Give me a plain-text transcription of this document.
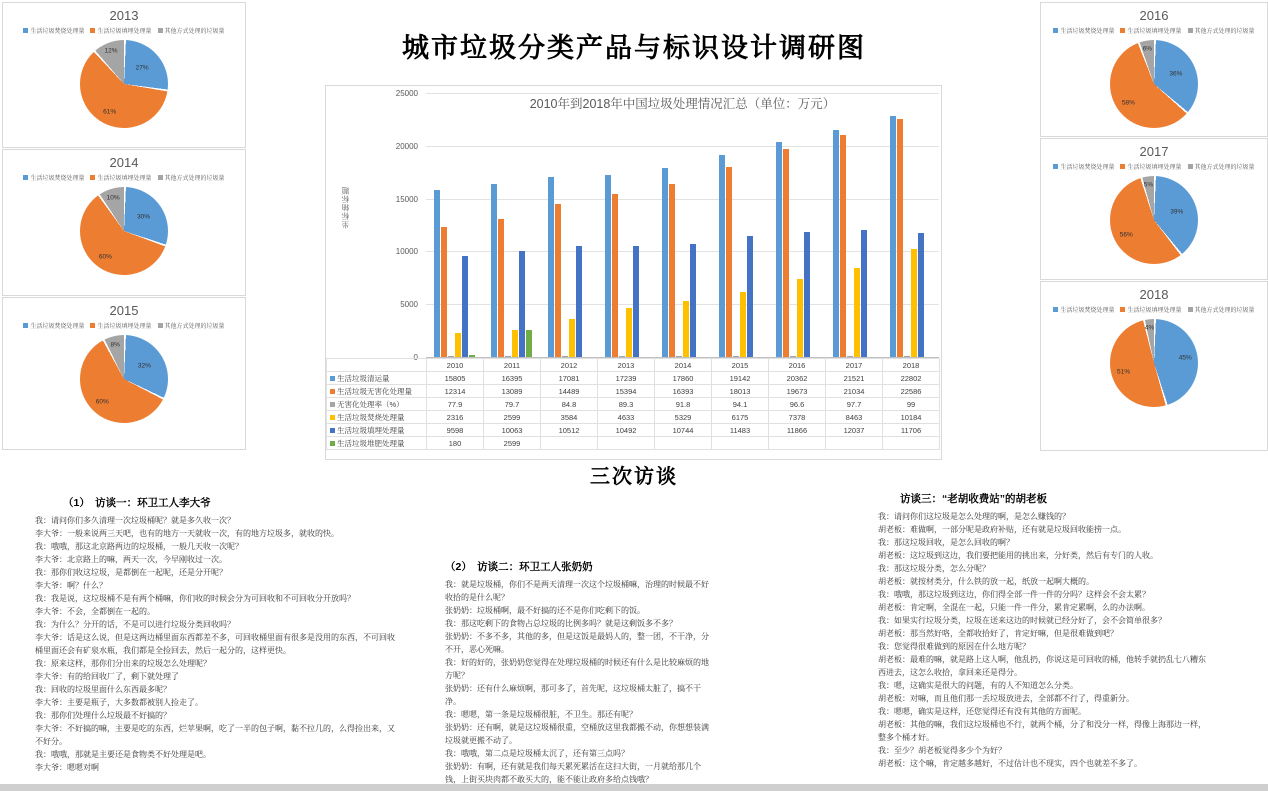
城市垃圾分类产品与标识设计调研图
2013
生活垃圾焚烧处理量 生活垃圾填埋处理量 其他方式处理的垃圾量
27%
61%
12%
2014
生活垃圾焚烧处理量 生活垃圾填埋处理量 其他方式处理的垃圾量
30%
60%
10%
2015
生活垃圾焚烧处理量 生活垃圾填埋处理量 其他方式处理的垃圾量
32%
60%
8%
2016
生活垃圾焚烧处理量 生活垃圾填埋处理量 其他方式处理的垃圾量
36%
58%
6%
2017
生活垃圾焚烧处理量 生活垃圾填埋处理量 其他方式处理的垃圾量
39%
56%
5%
2018
生活垃圾焚烧处理量 生活垃圾填埋处理量 其他方式处理的垃圾量
45%
51%
4%
2010年到2018年中国垃圾处理情况汇总（单位：万元）
坐标轴标题
0
5000
10000
15000
20000
25000
	2010	2011	2012	2013	2014	2015	2016	2017	2018
生活垃圾清运量	15805	16395	17081	17239	17860	19142	20362	21521	22802
生活垃圾无害化处理量	12314	13089	14489	15394	16393	18013	19673	21034	22586
无害化处理率（%）	77.9	79.7	84.8	89.3	91.8	94.1	96.6	97.7	99
生活垃圾焚烧处理量	2316	2599	3584	4633	5329	6175	7378	8463	10184
生活垃圾填埋处理量	9598	10063	10512	10492	10744	11483	11866	12037	11706
生活垃圾堆肥处理量	180	2599							
三次访谈
（1）　访谈一：环卫工人李大爷
我：请问你们多久清理一次垃圾桶呢？就是多久收一次？
李大爷：一般来说两三天吧，也有的地方一天就收一次，有的地方垃圾多，就收的快。
我：哦哦，那这北京路两边的垃圾桶，一般几天收一次呢？
李大爷：北京路上的嘛，两天一次，今早刚收过一次。
我：那你们收这垃圾，是都倒在一起呢，还是分开呢？
李大爷：啊？什么？
我：我是说，这垃圾桶不是有两个桶嘛，你们收的时候会分为可回收和不可回收分开放吗？
李大爷：不会，全都倒在一起的。
我：为什么？分开的话，不是可以进行垃圾分类回收吗？
李大爷：话是这么说，但是这两边桶里面东西都差不多，可回收桶里面有很多是没用的东西，不可回收桶里面还会有矿泉水瓶，我们都是全捡回去，然后一起分的，这样更快。
我：原来这样，那你们分出来的垃圾怎么处理呢？
李大爷：有的给回收厂了，剩下就处理了
我：回收的垃圾里面什么东西最多呢？
李大爷：主要是瓶子，大多数都被别人捡走了。
我：那你们处理什么垃圾最不好搞的？
李大爷：不好搞的嘛，主要是吃的东西，烂苹果啊，吃了一半的包子啊，黏不拉几的，么得捡出来，又不好分。
我：哦哦，那就是主要还是食物类不好处理是吧。
李大爷：嗯嗯对啊
（2）　访谈二：环卫工人张奶奶
我：就是垃圾桶，你们不是两天清理一次这个垃圾桶嘛，治理的时候最不好收拾的是什么呢？
张奶奶：垃圾桶啊，最不好搞的还不是你们吃剩下的饭。
我：那这吃剩下的食物占总垃圾的比例多吗？就是这剩饭多不多？
张奶奶：不多不多，其他的多，但是这饭是最妈人的，整一团，不干净，分不开，恶心死嘛。
我：好的好的，张奶奶您觉得在处理垃圾桶的时候还有什么是比较麻烦的地方呢？
张奶奶：还有什么麻烦啊，那可多了，首先呢，这垃圾桶太脏了，搞不干净。
我：嗯嗯，第一条是垃圾桶很脏，不卫生。那还有呢？
张奶奶：还有啊，就是这垃圾桶很重，空桶放这里我都搬不动，你想想装满垃圾就更搬不动了。
我：哦哦，第二点是垃圾桶太沉了，还有第三点吗？
张奶奶：有啊，还有就是我们每天累死累活在这扫大街，一月就给那几个钱，上街买块肉都不敢买大的，能不能让政府多给点钱哦？
访谈三：“老胡收费站”的胡老板
我：请问你们这垃圾是怎么处理的啊，是怎么赚钱的？
胡老板：难做啊，一部分呢是政府补贴，还有就是垃圾回收能捞一点。
我：那这垃圾回收，是怎么回收的啊？
胡老板：这垃圾到这边，我们要把能用的挑出来，分好类，然后有专门的人收。
我：那这垃圾分类，怎么分呢？
胡老板：就按材类分，什么铁的放一起，纸放一起啊大概的。
我：哦哦，那这垃圾到这边，你们得全部一件一件的分吗？这样会不会太累？
胡老板：肯定啊，全混在一起，只能一件一件分，累肯定累啊，么的办法啊。
我：如果实行垃圾分类，垃圾在送来这边的时候就已经分好了，会不会简单很多？
胡老板：那当然好咯，全都收拾好了，肯定好嘛，但是很难做到吧？
我：您觉得很难做到的原因在什么地方呢？
胡老板：最难的嘛，就是路上这人啊，他乱扔，你说这是可回收的桶，他转手就扔乱七八糟东西进去，这怎么收拾，拿回来还是得分。
我：嗯，这确实是很大的问题，有的人不知道怎么分类。
胡老板：对嘛，而且他们那一丢垃圾放进去，全部都不行了，得重新分。
我：嗯嗯，确实是这样，还您觉得还有没有其他的方面呢。
胡老板：其他的嘛，我们这垃圾桶也不行，就两个桶，分了和没分一样，得像上海那边一样，整多个桶才好。
我：至少？胡老板觉得多少个为好？
胡老板：这个嘛，肯定越多越好，不过估计也不现实，四个也就差不多了。
